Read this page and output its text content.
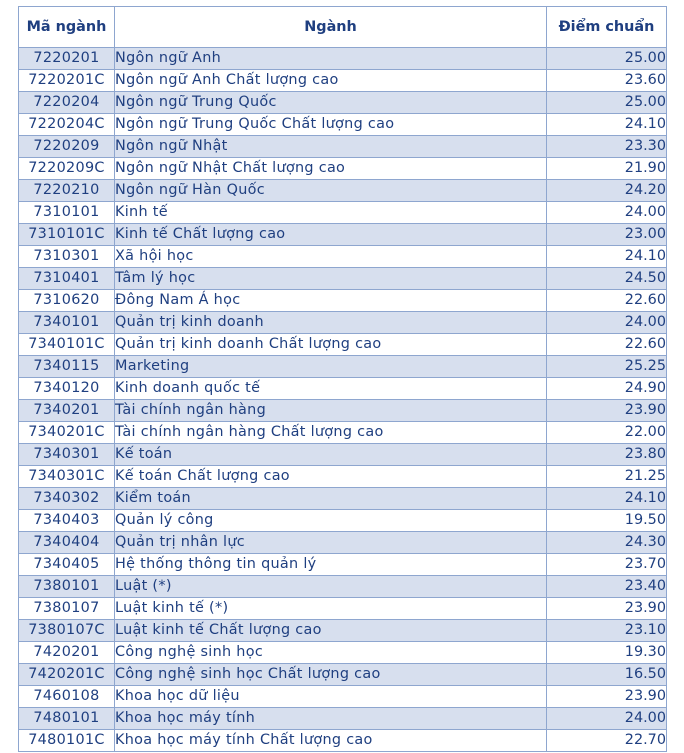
Mã ngành	Ngành	Điểm chuẩn
7220201	Ngôn ngữ Anh	25.00
7220201C	Ngôn ngữ Anh Chất lượng cao	23.60
7220204	Ngôn ngữ Trung Quốc	25.00
7220204C	Ngôn ngữ Trung Quốc Chất lượng cao	24.10
7220209	Ngôn ngữ Nhật	23.30
7220209C	Ngôn ngữ Nhật Chất lượng cao	21.90
7220210	Ngôn ngữ Hàn Quốc	24.20
7310101	Kinh tế	24.00
7310101C	Kinh tế Chất lượng cao	23.00
7310301	Xã hội học	24.10
7310401	Tâm lý học	24.50
7310620	Đông Nam Á học	22.60
7340101	Quản trị kinh doanh	24.00
7340101C	Quản trị kinh doanh Chất lượng cao	22.60
7340115	Marketing	25.25
7340120	Kinh doanh quốc tế	24.90
7340201	Tài chính ngân hàng	23.90
7340201C	Tài chính ngân hàng Chất lượng cao	22.00
7340301	Kế toán	23.80
7340301C	Kế toán Chất lượng cao	21.25
7340302	Kiểm toán	24.10
7340403	Quản lý công	19.50
7340404	Quản trị nhân lực	24.30
7340405	Hệ thống thông tin quản lý	23.70
7380101	Luật (*)	23.40
7380107	Luật kinh tế (*)	23.90
7380107C	Luật kinh tế Chất lượng cao	23.10
7420201	Công nghệ sinh học	19.30
7420201C	Công nghệ sinh học Chất lượng cao	16.50
7460108	Khoa học dữ liệu	23.90
7480101	Khoa học máy tính	24.00
7480101C	Khoa học máy tính Chất lượng cao	22.70
